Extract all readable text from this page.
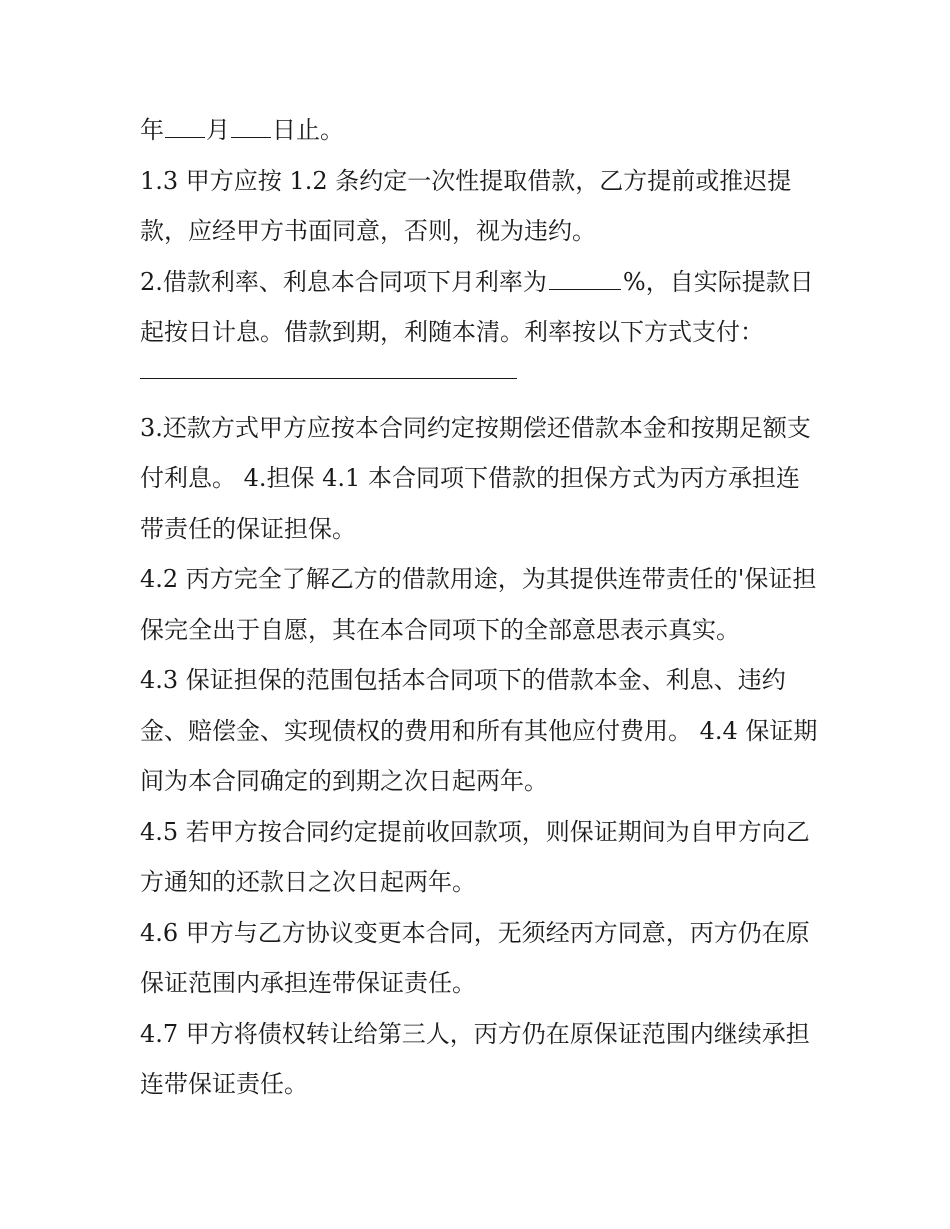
年 月 日止。

1.3 甲方应按 1.2 条约定一次性提取借款，乙方提前或推迟提款，应经甲方书面同意，否则，视为违约。

2.借款利率、利息本合同项下月利率为	%，自实际提款日起按日计息。借款到期，利随本清。利率按以下方式支付：

3.还款方式甲方应按本合同约定按期偿还借款本金和按期足额支付利息。 4.担保 4.1 本合同项下借款的担保方式为丙方承担连带责任的保证担保。

4.2 丙方完全了解乙方的借款用途，为其提供连带责任的'保证担保完全出于自愿，其在本合同项下的全部意思表示真实。

4.3 保证担保的范围包括本合同项下的借款本金、利息、违约金、赔偿金、实现债权的费用和所有其他应付费用。 4.4 保证期间为本合同确定的到期之次日起两年。

4.5 若甲方按合同约定提前收回款项，则保证期间为自甲方向乙方通知的还款日之次日起两年。

4.6 甲方与乙方协议变更本合同，无须经丙方同意，丙方仍在原保证范围内承担连带保证责任。

4.7 甲方将债权转让给第三人，丙方仍在原保证范围内继续承担连带保证责任。
